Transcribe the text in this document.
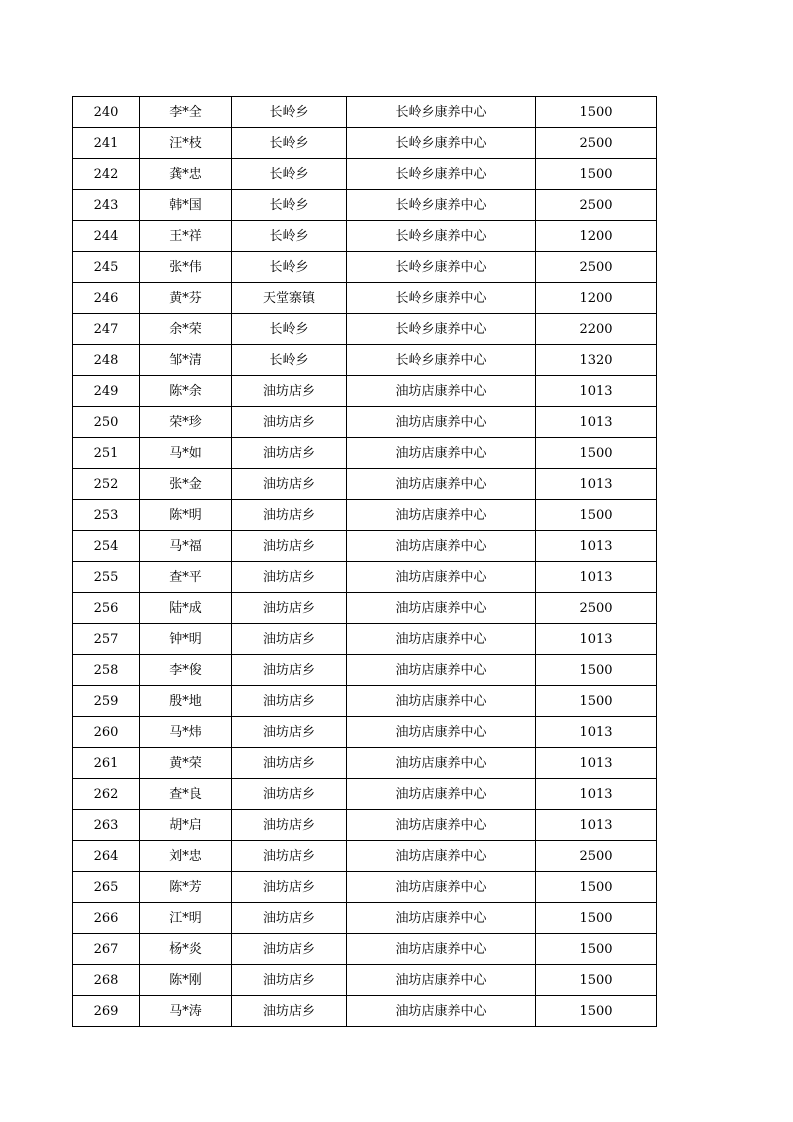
240	李*全	长岭乡	长岭乡康养中心	1500
241	汪*枝	长岭乡	长岭乡康养中心	2500
242	龚*忠	长岭乡	长岭乡康养中心	1500
243	韩*国	长岭乡	长岭乡康养中心	2500
244	王*祥	长岭乡	长岭乡康养中心	1200
245	张*伟	长岭乡	长岭乡康养中心	2500
246	黄*芬	天堂寨镇	长岭乡康养中心	1200
247	余*荣	长岭乡	长岭乡康养中心	2200
248	邹*清	长岭乡	长岭乡康养中心	1320
249	陈*余	油坊店乡	油坊店康养中心	1013
250	荣*珍	油坊店乡	油坊店康养中心	1013
251	马*如	油坊店乡	油坊店康养中心	1500
252	张*金	油坊店乡	油坊店康养中心	1013
253	陈*明	油坊店乡	油坊店康养中心	1500
254	马*福	油坊店乡	油坊店康养中心	1013
255	查*平	油坊店乡	油坊店康养中心	1013
256	陆*成	油坊店乡	油坊店康养中心	2500
257	钟*明	油坊店乡	油坊店康养中心	1013
258	李*俊	油坊店乡	油坊店康养中心	1500
259	殷*地	油坊店乡	油坊店康养中心	1500
260	马*炜	油坊店乡	油坊店康养中心	1013
261	黄*荣	油坊店乡	油坊店康养中心	1013
262	查*良	油坊店乡	油坊店康养中心	1013
263	胡*启	油坊店乡	油坊店康养中心	1013
264	刘*忠	油坊店乡	油坊店康养中心	2500
265	陈*芳	油坊店乡	油坊店康养中心	1500
266	江*明	油坊店乡	油坊店康养中心	1500
267	杨*炎	油坊店乡	油坊店康养中心	1500
268	陈*刚	油坊店乡	油坊店康养中心	1500
269	马*涛	油坊店乡	油坊店康养中心	1500
